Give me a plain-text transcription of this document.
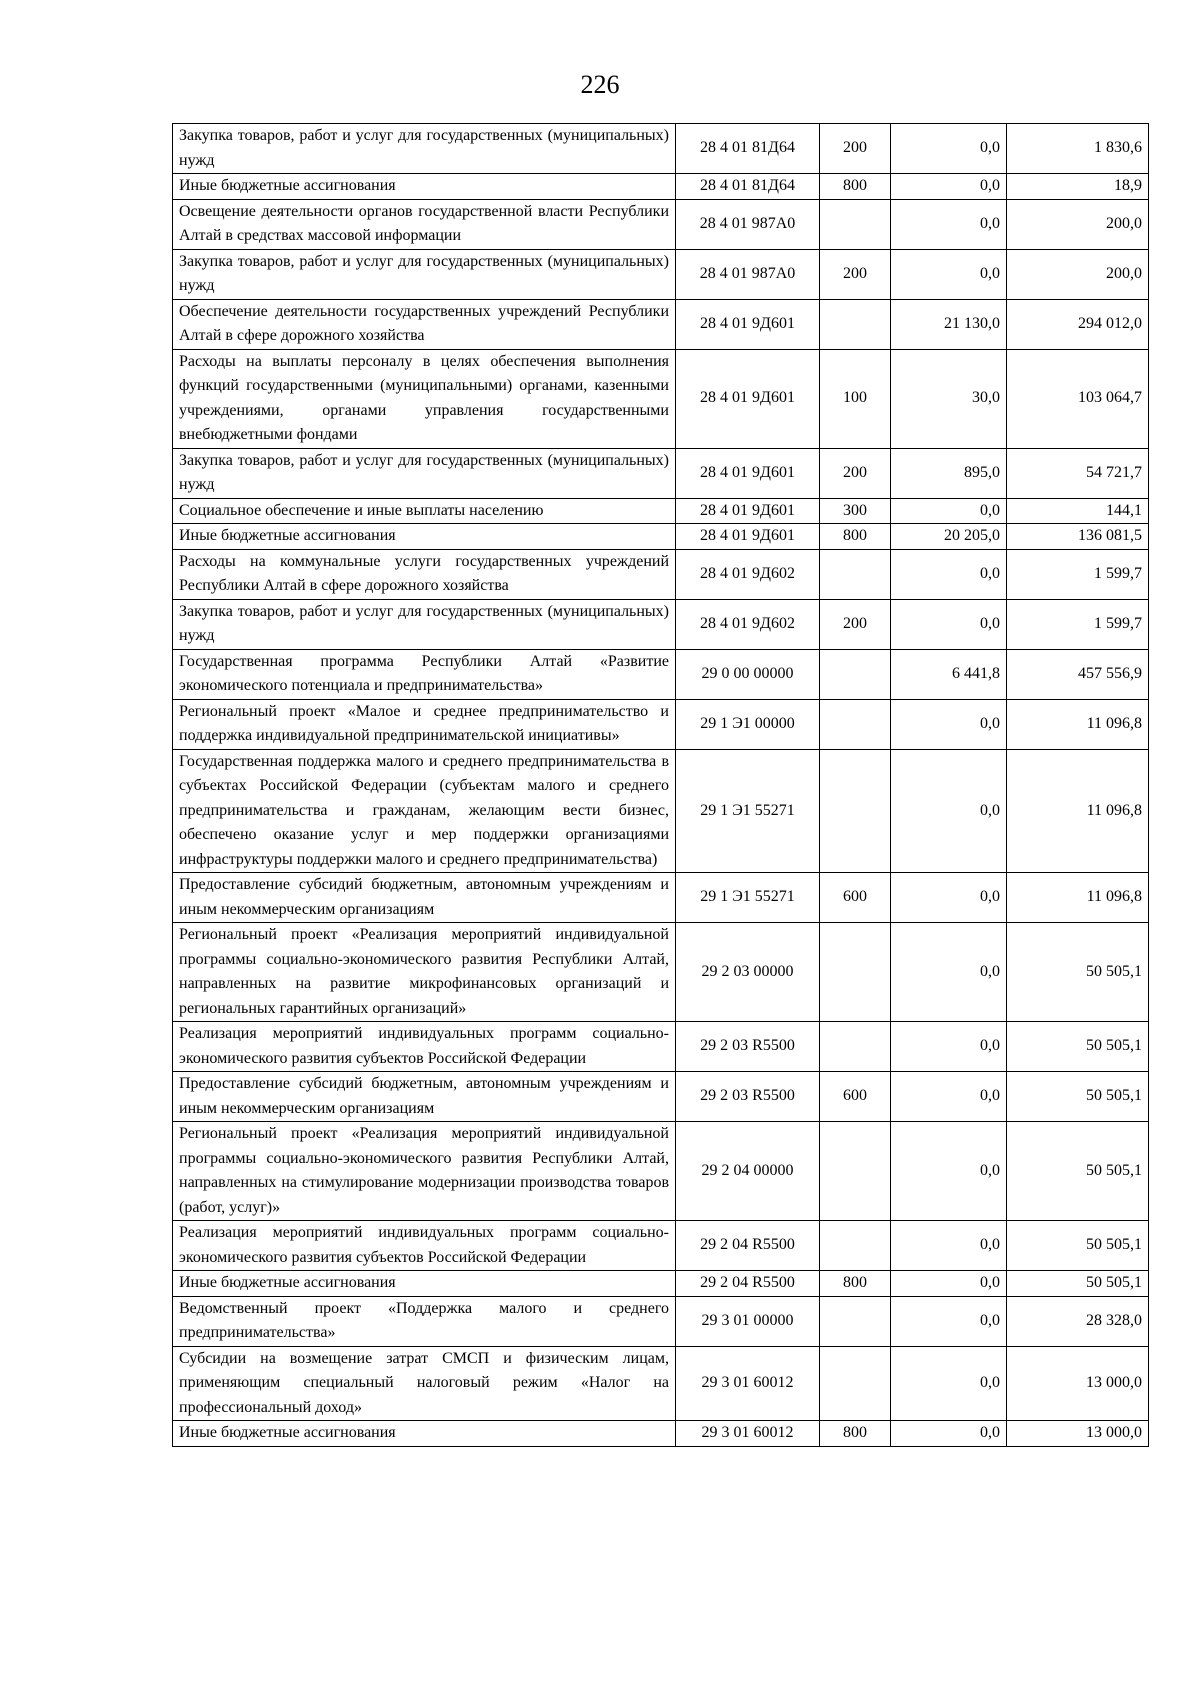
226
Закупка товаров, работ и услуг для государственных (муниципальных) нужд	28 4 01 81Д64	200	0,0	1 830,6
Иные бюджетные ассигнования	28 4 01 81Д64	800	0,0	18,9
Освещение деятельности органов государственной власти Республики Алтай в средствах массовой информации	28 4 01 987А0		0,0	200,0
Закупка товаров, работ и услуг для государственных (муниципальных) нужд	28 4 01 987А0	200	0,0	200,0
Обеспечение деятельности государственных учреждений Республики Алтай в сфере дорожного хозяйства	28 4 01 9Д601		21 130,0	294 012,0
Расходы на выплаты персоналу в целях обеспечения выполнения функций государственными (муниципальными) органами, казенными учреждениями, органами управления государственными внебюджетными фондами	28 4 01 9Д601	100	30,0	103 064,7
Закупка товаров, работ и услуг для государственных (муниципальных) нужд	28 4 01 9Д601	200	895,0	54 721,7
Социальное обеспечение и иные выплаты населению	28 4 01 9Д601	300	0,0	144,1
Иные бюджетные ассигнования	28 4 01 9Д601	800	20 205,0	136 081,5
Расходы на коммунальные услуги государственных учреждений Республики Алтай в сфере дорожного хозяйства	28 4 01 9Д602		0,0	1 599,7
Закупка товаров, работ и услуг для государственных (муниципальных) нужд	28 4 01 9Д602	200	0,0	1 599,7
Государственная программа Республики Алтай «Развитие экономического потенциала и предпринимательства»	29 0 00 00000		6 441,8	457 556,9
Региональный проект «Малое и среднее предпринимательство и поддержка индивидуальной предпринимательской инициативы»	29 1 Э1 00000		0,0	11 096,8
Государственная поддержка малого и среднего предпринимательства в субъектах Российской Федерации (субъектам малого и среднего предпринимательства и гражданам, желающим вести бизнес, обеспечено оказание услуг и мер поддержки организациями инфраструктуры поддержки малого и среднего предпринимательства)	29 1 Э1 55271		0,0	11 096,8
Предоставление субсидий бюджетным, автономным учреждениям и иным некоммерческим организациям	29 1 Э1 55271	600	0,0	11 096,8
Региональный проект «Реализация мероприятий индивидуальной программы социально-экономического развития Республики Алтай, направленных на развитие микрофинансовых организаций и региональных гарантийных организаций»	29 2 03 00000		0,0	50 505,1
Реализация мероприятий индивидуальных программ социально-экономического развития субъектов Российской Федерации	29 2 03 R5500		0,0	50 505,1
Предоставление субсидий бюджетным, автономным учреждениям и иным некоммерческим организациям	29 2 03 R5500	600	0,0	50 505,1
Региональный проект «Реализация мероприятий индивидуальной программы социально-экономического развития Республики Алтай, направленных на стимулирование модернизации производства товаров (работ, услуг)»	29 2 04 00000		0,0	50 505,1
Реализация мероприятий индивидуальных программ социально-экономического развития субъектов Российской Федерации	29 2 04 R5500		0,0	50 505,1
Иные бюджетные ассигнования	29 2 04 R5500	800	0,0	50 505,1
Ведомственный проект «Поддержка малого и среднего предпринимательства»	29 3 01 00000		0,0	28 328,0
Субсидии на возмещение затрат СМСП и физическим лицам, применяющим специальный налоговый режим «Налог на профессиональный доход»	29 3 01 60012		0,0	13 000,0
Иные бюджетные ассигнования	29 3 01 60012	800	0,0	13 000,0
